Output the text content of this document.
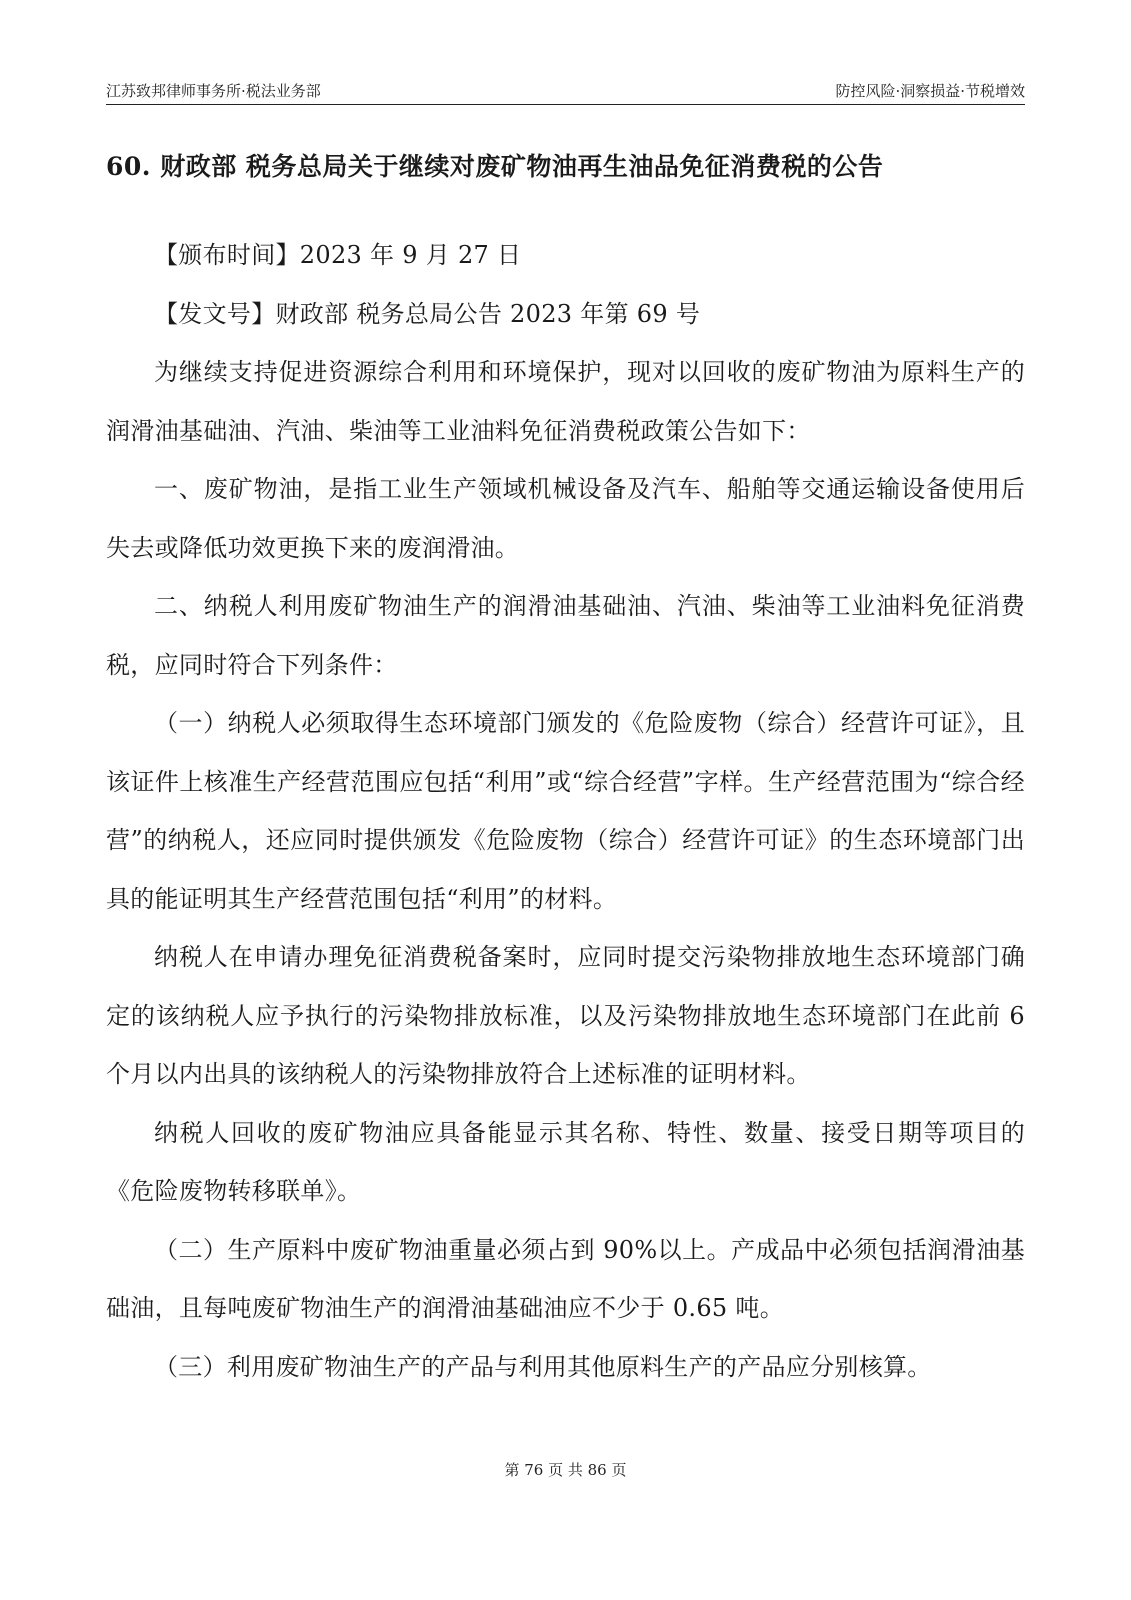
江苏致邦律师事务所·税法业务部	防控风险·洞察损益·节税增效
60. 财政部 税务总局关于继续对废矿物油再生油品免征消费税的公告

【颁布时间】2023 年 9 月 27 日

【发文号】财政部 税务总局公告 2023 年第 69 号

为继续支持促进资源综合利用和环境保护，现对以回收的废矿物油为原料生产的润滑油基础油、汽油、柴油等工业油料免征消费税政策公告如下：

一、废矿物油，是指工业生产领域机械设备及汽车、船舶等交通运输设备使用后失去或降低功效更换下来的废润滑油。

二、纳税人利用废矿物油生产的润滑油基础油、汽油、柴油等工业油料免征消费税，应同时符合下列条件：

（一）纳税人必须取得生态环境部门颁发的《危险废物（综合）经营许可证》，且该证件上核准生产经营范围应包括“利用”或“综合经营”字样。生产经营范围为“综合经营”的纳税人，还应同时提供颁发《危险废物（综合）经营许可证》的生态环境部门出具的能证明其生产经营范围包括“利用”的材料。

纳税人在申请办理免征消费税备案时，应同时提交污染物排放地生态环境部门确定的该纳税人应予执行的污染物排放标准，以及污染物排放地生态环境部门在此前 6 个月以内出具的该纳税人的污染物排放符合上述标准的证明材料。

纳税人回收的废矿物油应具备能显示其名称、特性、数量、接受日期等项目的《危险废物转移联单》。

（二）生产原料中废矿物油重量必须占到 90%以上。产成品中必须包括润滑油基础油，且每吨废矿物油生产的润滑油基础油应不少于 0.65 吨。

（三）利用废矿物油生产的产品与利用其他原料生产的产品应分别核算。

第 76 页 共 86 页
